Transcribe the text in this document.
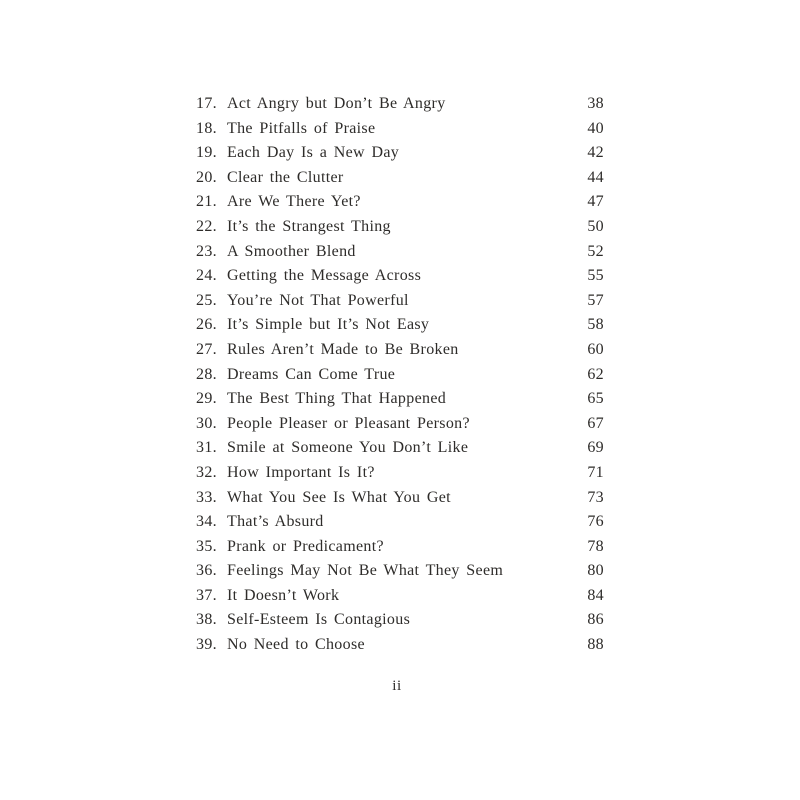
17. Act Angry but Don’t Be Angry	38
18. The Pitfalls of Praise	40
19. Each Day Is a New Day	42
20. Clear the Clutter	44
21. Are We There Yet?	47
22. It’s the Strangest Thing	50
23. A Smoother Blend	52
24. Getting the Message Across	55
25. You’re Not That Powerful	57
26. It’s Simple but It’s Not Easy	58
27. Rules Aren’t Made to Be Broken	60
28. Dreams Can Come True	62
29. The Best Thing That Happened	65
30. People Pleaser or Pleasant Person?	67
31. Smile at Someone You Don’t Like	69
32. How Important Is It?	71
33. What You See Is What You Get	73
34. That’s Absurd	76
35. Prank or Predicament?	78
36. Feelings May Not Be What They Seem	80
37. It Doesn’t Work	84
38. Self-Esteem Is Contagious	86
39. No Need to Choose	88
ii
